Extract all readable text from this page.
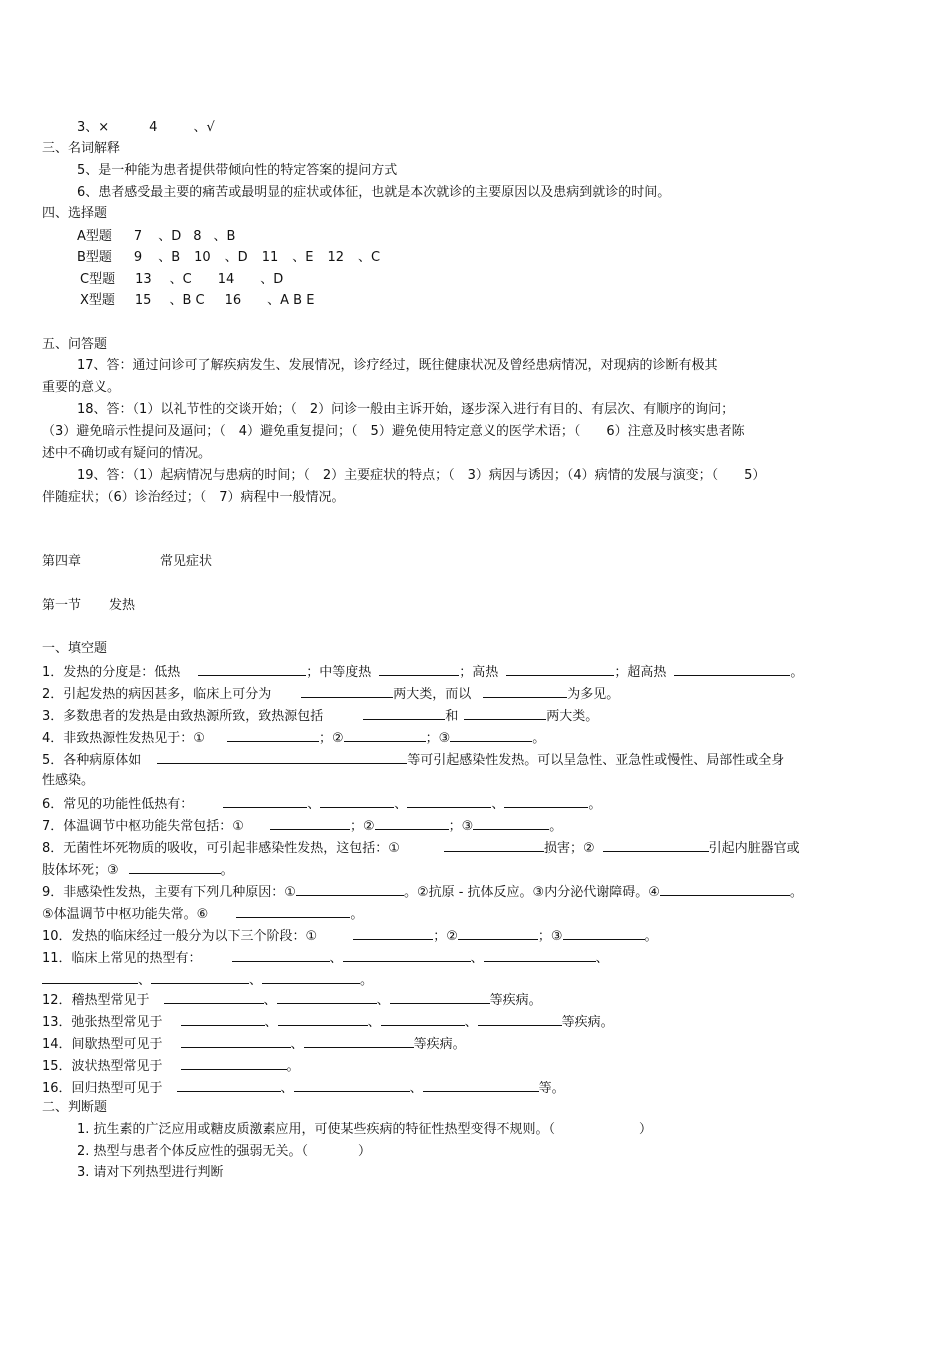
3、×	4	、√
三、名词解释
5、是一种能为患者提供带倾向性的特定答案的提问方式
6、患者感受最主要的痛苦或最明显的症状或体征，也就是本次就诊的主要原因以及患病到就诊的时间。
四、选择题
A型题 7 、D 8 、B
B型题 9 、B 10 、D 11 、E 12 、C
C型题 13 、C 14 、D
X型题 15 、B C 16 、A B E
五、问答题
17、答：通过问诊可了解疾病发生、发展情况，诊疗经过，既往健康状况及曾经患病情况，对现病的诊断有极其
重要的意义。
18、答：（1）以礼节性的交谈开始；（　2）问诊一般由主诉开始，逐步深入进行有目的、有层次、有顺序的询问；
（3）避免暗示性提问及逼问；（　4）避免重复提问；（　5）避免使用特定意义的医学术语；（　　6）注意及时核实患者陈
述中不确切或有疑问的情况。
19、答：（1）起病情况与患病的时间；（　2）主要症状的特点；（　3）病因与诱因；（4）病情的发展与演变；（　　5）
伴随症状；（6）诊治经过；（　7）病程中一般情况。
第四章	常见症状
第一节 发热
一、填空题
1．发热的分度是：低热	；中等度热	；高热	；超高热	。
2．引起发热的病因甚多，临床上可分为	两大类，而以	为多见。
3．多数患者的发热是由致热源所致，致热源包括	和	两大类。
4．非致热源性发热见于：①	；②	；③	。
5．各种病原体如	等可引起感染性发热。可以呈急性、亚急性或慢性、局部性或全身
性感染。
6．常见的功能性低热有：	、	、	、	。
7．体温调节中枢功能失常包括：①	；②	；③	。
8．无菌性坏死物质的吸收，可引起非感染性发热，这包括：①	损害；②	引起内脏器官或
肢体坏死；③	。
9．非感染性发热，主要有下列几种原因：①	。②抗原 - 抗体反应。③内分泌代谢障碍。④	。
⑤体温调节中枢功能失常。⑥	。
10．发热的临床经过一般分为以下三个阶段：①	；②	；③	。
11．临床上常见的热型有：	、	、	、
、	、	。
12．稽热型常见于	、	、	等疾病。
13．弛张热型常见于	、	、	、	等疾病。
14．间歇热型可见于	、	等疾病。
15．波状热型常见于	。
16．回归热型可见于	、	、	等。
二、判断题
1. 抗生素的广泛应用或糖皮质激素应用，可使某些疾病的特征性热型变得不规则。（	）
2. 热型与患者个体反应性的强弱无关。（	）
3. 请对下列热型进行判断
